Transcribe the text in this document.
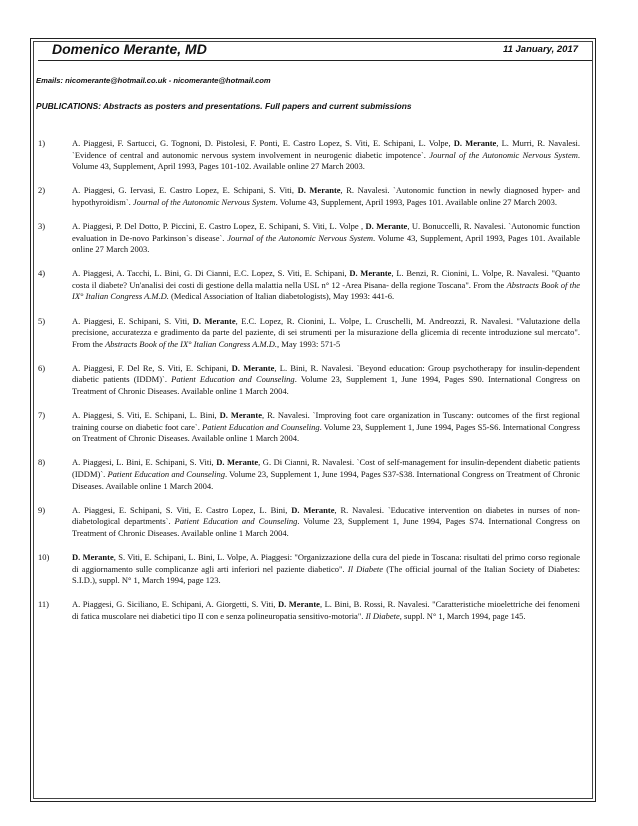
Domenico Merante, MD	11 January, 2017
Emails: nicomerante@hotmail.co.uk - nicomerante@hotmail.com
PUBLICATIONS: Abstracts as posters and presentations. Full papers and current submissions
1)	A. Piaggesi, F. Sartucci, G. Tognoni, D. Pistolesi, F. Ponti, E. Castro Lopez, S. Viti, E. Schipani, L. Volpe, D. Merante, L. Murri, R. Navalesi. `Evidence of central and autonomic nervous system involvement in neurogenic diabetic impotence`. Journal of the Autonomic Nervous System. Volume 43, Supplement, April 1993, Pages 101-102. Available online 27 March 2003.
2)	A. Piaggesi, G. Iervasi, E. Castro Lopez, E. Schipani, S. Viti, D. Merante, R. Navalesi. `Autonomic function in newly diagnosed hyper- and hypothyroidism`. Journal of the Autonomic Nervous System. Volume 43, Supplement, April 1993, Pages 101. Available online 27 March 2003.
3)	A. Piaggesi, P. Del Dotto, P. Piccini, E. Castro Lopez, E. Schipani, S. Viti, L. Volpe , D. Merante, U. Bonuccelli, R. Navalesi. `Autonomic function evaluation in De-novo Parkinson`s disease`. Journal of the Autonomic Nervous System. Volume 43, Supplement, April 1993, Pages 101. Available online 27 March 2003.
4)	A. Piaggesi, A. Tacchi, L. Bini, G. Di Cianni, E.C. Lopez, S. Viti, E. Schipani, D. Merante, L. Benzi, R. Cionini, L. Volpe, R. Navalesi. "Quanto costa il diabete? Un'analisi dei costi di gestione della malattia nella USL n° 12 -Area Pisana- della regione Toscana". From the Abstracts Book of the IX° Italian Congress A.M.D. (Medical Association of Italian diabetologists), May 1993: 441-6.
5)	A. Piaggesi, E. Schipani, S. Viti, D. Merante, E.C. Lopez, R. Cionini, L. Volpe, L. Cruschelli, M. Andreozzi, R. Navalesi. "Valutazione della precisione, accuratezza e gradimento da parte del paziente, di sei strumenti per la misurazione della glicemia di recente introduzione sul mercato". From the Abstracts Book of the IX° Italian Congress A.M.D., May 1993: 571-5
6)	A. Piaggesi, F. Del Re, S. Viti, E. Schipani, D. Merante, L. Bini, R. Navalesi. `Beyond education: Group psychotherapy for insulin-dependent diabetic patients (IDDM)`. Patient Education and Counseling. Volume 23, Supplement 1, June 1994, Pages S90. International Congress on Treatment of Chronic Diseases. Available online 1 March 2004.
7)	A. Piaggesi, S. Viti, E. Schipani, L. Bini, D. Merante, R. Navalesi. `Improving foot care organization in Tuscany: outcomes of the first regional training course on diabetic foot care`. Patient Education and Counseling. Volume 23, Supplement 1, June 1994, Pages S5-S6. International Congress on Treatment of Chronic Diseases. Available online 1 March 2004.
8)	A. Piaggesi, L. Bini, E. Schipani, S. Viti, D. Merante, G. Di Cianni, R. Navalesi. `Cost of self-management for insulin-dependent diabetic patients (IDDM)`. Patient Education and Counseling. Volume 23, Supplement 1, June 1994, Pages S37-S38. International Congress on Treatment of Chronic Diseases. Available online 1 March 2004.
9)	A. Piaggesi, E. Schipani, S. Viti, E. Castro Lopez, L. Bini, D. Merante, R. Navalesi. `Educative intervention on diabetes in nurses of non-diabetological departments`. Patient Education and Counseling. Volume 23, Supplement 1, June 1994, Pages S74. International Congress on Treatment of Chronic Diseases. Available online 1 March 2004.
10)	D. Merante, S. Viti, E. Schipani, L. Bini, L. Volpe, A. Piaggesi: "Organizzazione della cura del piede in Toscana: risultati del primo corso regionale di aggiornamento sulle complicanze agli arti inferiori nel paziente diabetico". Il Diabete (The official journal of the Italian Society of Diabetes: S.I.D.), suppl. N° 1, March 1994, page 123.
11)	A. Piaggesi, G. Siciliano, E. Schipani, A. Giorgetti, S. Viti, D. Merante, L. Bini, B. Rossi, R. Navalesi. "Caratteristiche mioelettriche dei fenomeni di fatica muscolare nei diabetici tipo II con e senza polineuropatia sensitivo-motoria". Il Diabete, suppl. N° 1, March 1994, page 145.
